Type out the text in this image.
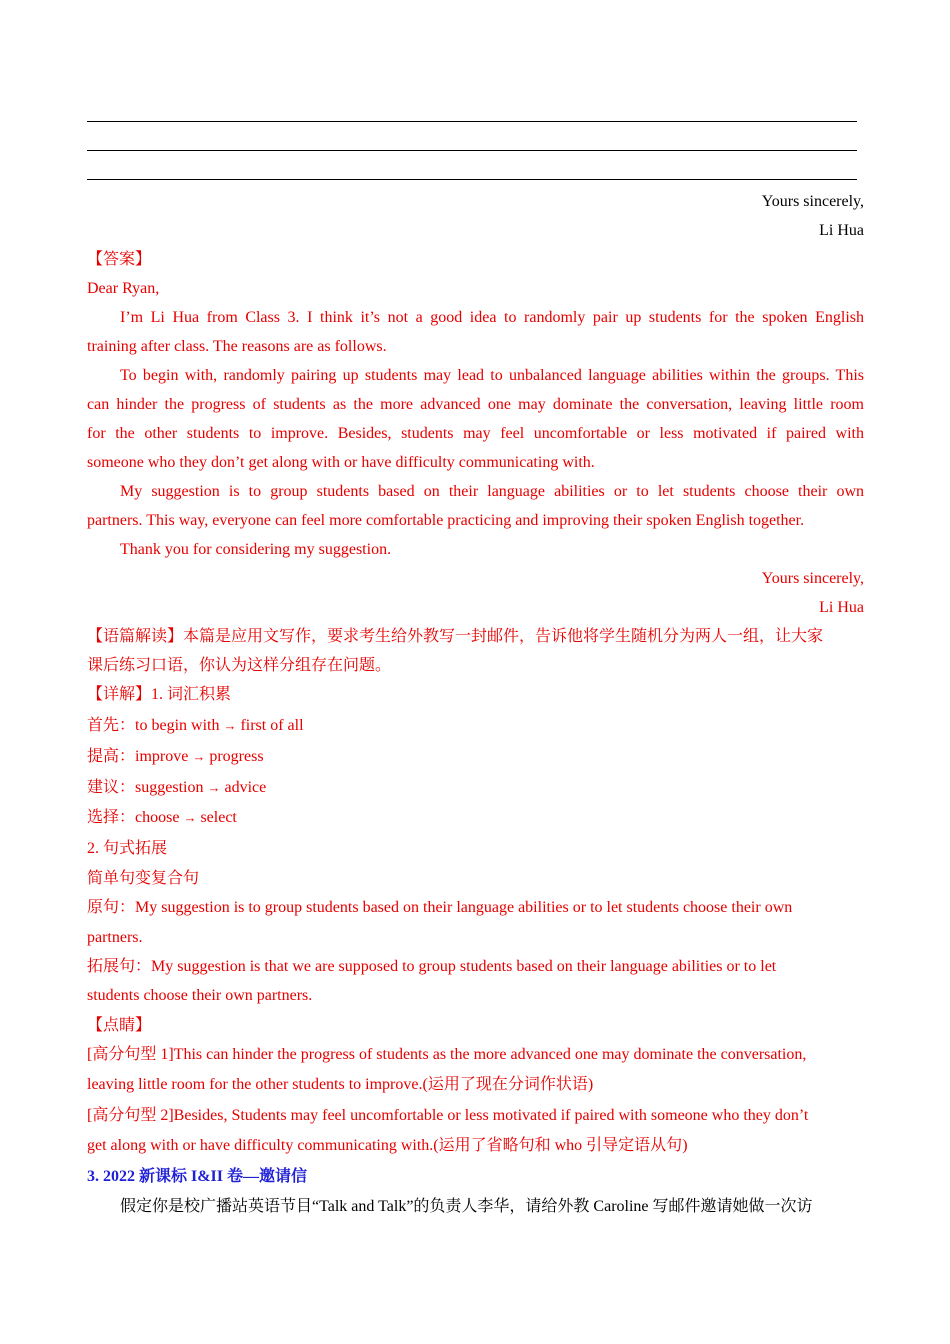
Yours sincerely,
Li Hua
【答案】
Dear Ryan,
I’m Li Hua from Class 3. I think it’s not a good idea to randomly pair up students for the spoken English
training after class. The reasons are as follows.
To begin with, randomly pairing up students may lead to unbalanced language abilities within the groups. This
can hinder the progress of students as the more advanced one may dominate the conversation, leaving little room
for the other students to improve. Besides, students may feel uncomfortable or less motivated if paired with
someone who they don’t get along with or have difficulty communicating with.
My suggestion is to group students based on their language abilities or to let students choose their own
partners. This way, everyone can feel more comfortable practicing and improving their spoken English together.
Thank you for considering my suggestion.
Yours sincerely,
Li Hua
【语篇解读】本篇是应用文写作，要求考生给外教写一封邮件，告诉他将学生随机分为两人一组，让大家
课后练习口语，你认为这样分组存在问题。
【详解】1. 词汇积累
首先：to begin with → first of all
提高：improve → progress
建议：suggestion → advice
选择：choose → select
2. 句式拓展
简单句变复合句
原句：My suggestion is to group students based on their language abilities or to let students choose their own
partners.
拓展句：My suggestion is that we are supposed to group students based on their language abilities or to let
students choose their own partners.
【点睛】
[高分句型 1]This can hinder the progress of students as the more advanced one may dominate the conversation,
leaving little room for the other students to improve.(运用了现在分词作状语)
[高分句型 2]Besides, Students may feel uncomfortable or less motivated if paired with someone who they don’t
get along with or have difficulty communicating with.(运用了省略句和 who 引导定语从句)
3. 2022 新课标 I&II 卷—邀请信
假定你是校广播站英语节目“Talk and Talk”的负责人李华，请给外教 Caroline 写邮件邀请她做一次访
